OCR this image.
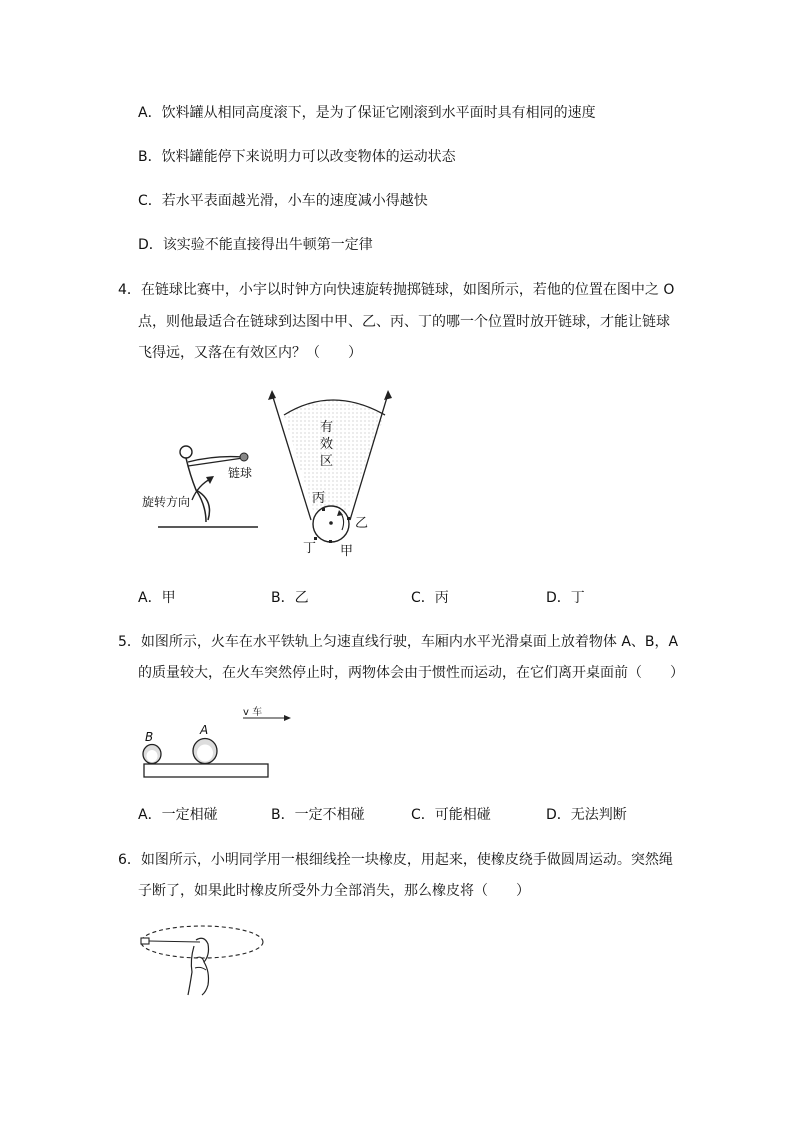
A．饮料罐从相同高度滚下，是为了保证它刚滚到水平面时具有相同的速度
B．饮料罐能停下来说明力可以改变物体的运动状态
C．若水平表面越光滑，小车的速度减小得越快
D．该实验不能直接得出牛顿第一定律
4．在链球比赛中，小宇以时钟方向快速旋转抛掷链球，如图所示，若他的位置在图中之 O
点，则他最适合在链球到达图中甲、乙、丙、丁的哪一个位置时放开链球，才能让链球
飞得远，又落在有效区内？（　　）
链球
旋转方向
有
效
区
丙
乙
丁 甲
A．甲	B．乙	C．丙	D．丁
5．如图所示，火车在水平铁轨上匀速直线行驶，车厢内水平光滑桌面上放着物体 A、B，A
的质量较大，在火车突然停止时，两物体会由于惯性而运动，在它们离开桌面前（　　）
B	A
v 车
A．一定相碰	B．一定不相碰	C．可能相碰	D．无法判断
6．如图所示，小明同学用一根细线拴一块橡皮，用起来，使橡皮绕手做圆周运动。突然绳
子断了，如果此时橡皮所受外力全部消失，那么橡皮将（　　）
